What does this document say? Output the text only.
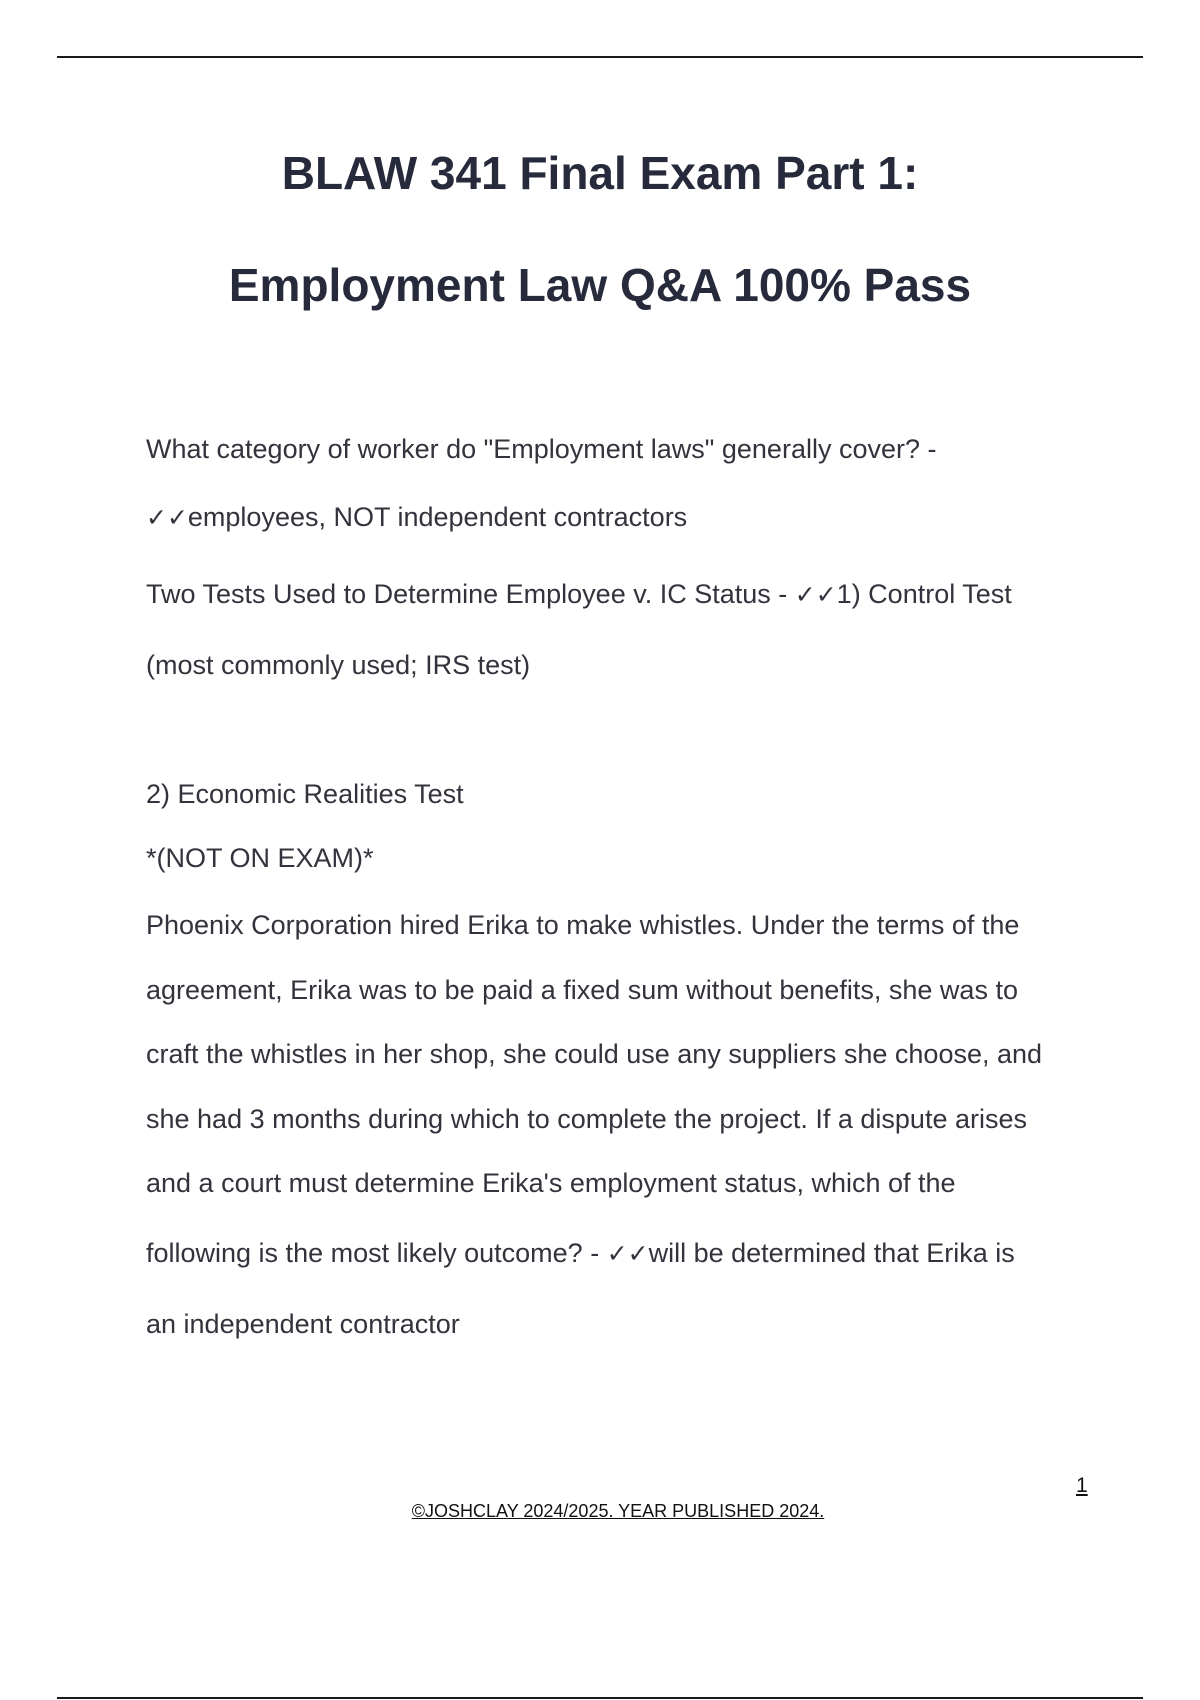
BLAW 341 Final Exam Part 1:
Employment Law Q&A 100% Pass
What category of worker do "Employment laws" generally cover? -
✓✓employees, NOT independent contractors
Two Tests Used to Determine Employee v. IC Status - ✓✓1) Control Test
(most commonly used; IRS test)
2) Economic Realities Test
*(NOT ON EXAM)*
Phoenix Corporation hired Erika to make whistles. Under the terms of the
agreement, Erika was to be paid a fixed sum without benefits, she was to
craft the whistles in her shop, she could use any suppliers she choose, and
she had 3 months during which to complete the project. If a dispute arises
and a court must determine Erika's employment status, which of the
following is the most likely outcome? - ✓✓will be determined that Erika is
an independent contractor
1
©JOSHCLAY 2024/2025. YEAR PUBLISHED 2024.
